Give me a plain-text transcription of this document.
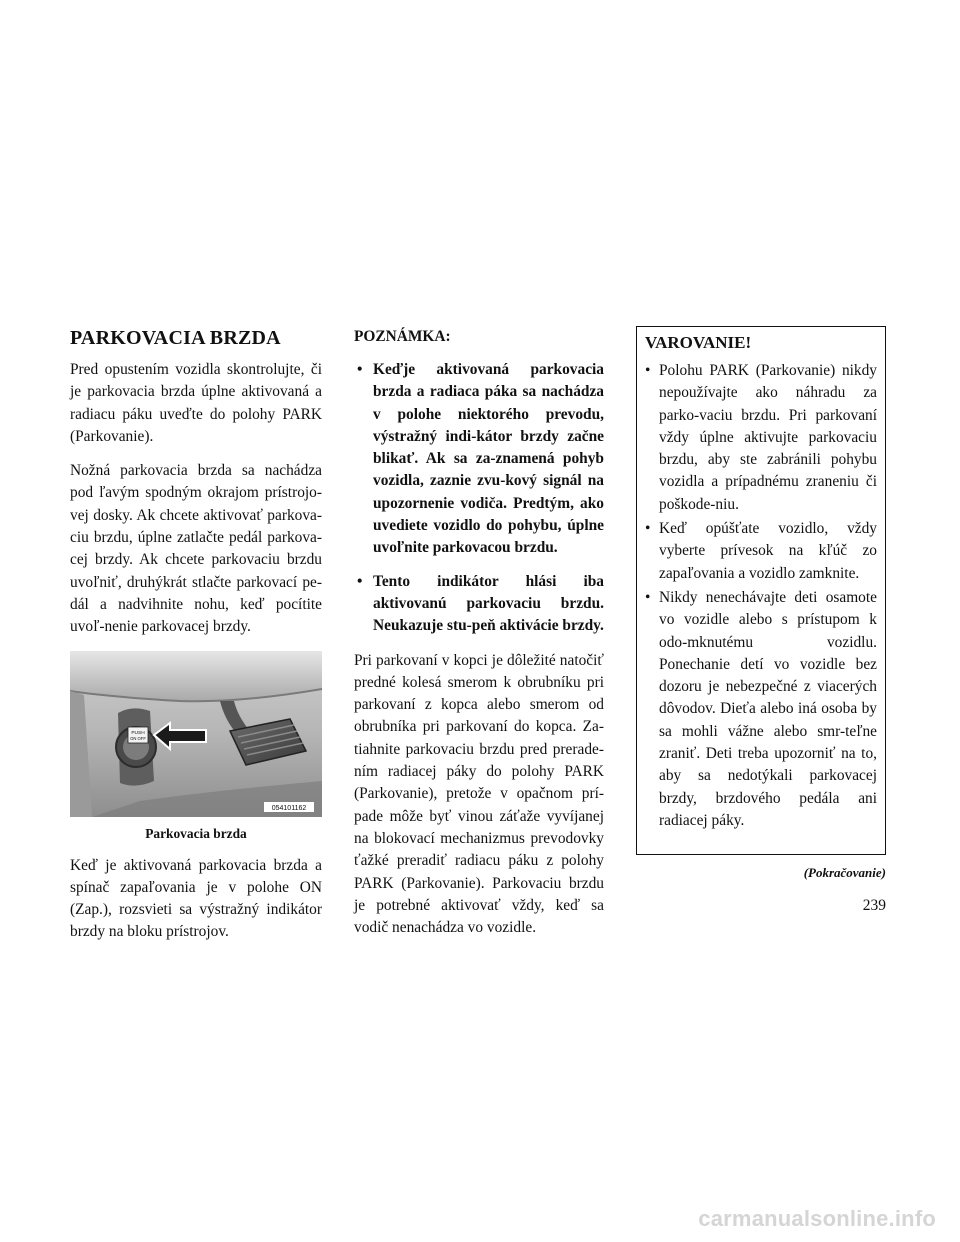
PARKOVACIA BRZDA

Pred opustením vozidla skontrolujte, či je parkovacia brzda úplne aktivovaná a radiacu páku uveďte do polohy PARK (Parkovanie).

Nožná parkovacia brzda sa nachádza pod ľavým spodným okrajom prístrojo-vej dosky. Ak chcete aktivovať parkova-ciu brzdu, úplne zatlačte pedál parkova-cej brzdy. Ak chcete parkovaciu brzdu uvoľniť, druhýkrát stlačte parkovací pe-dál a nadvihnite nohu, keď pocítite uvoľ-nenie parkovacej brzdy.

PUSH
ON OFF
054101162
Parkovacia brzda

Keď je aktivovaná parkovacia brzda a spínač zapaľovania je v polohe ON (Zap.), rozsvieti sa výstražný indikátor brzdy na bloku prístrojov.

POZNÁMKA:
• Keďje aktivovaná parkovacia brzda a radiaca páka sa nachádza v polohe niektorého prevodu, výstražný indi-kátor brzdy začne blikať. Ak sa za-znamená pohyb vozidla, zaznie zvu-kový signál na upozornenie vodiča. Predtým, ako uvediete vozidlo do pohybu, úplne uvoľnite parkovacou brzdu.
• Tento indikátor hlási iba aktivovanú parkovaciu brzdu. Neukazuje stu-peň aktivácie brzdy.

Pri parkovaní v kopci je dôležité natočiť predné kolesá smerom k obrubníku pri parkovaní z kopca alebo smerom od obrubníka pri parkovaní do kopca. Za-tiahnite parkovaciu brzdu pred prerade-ním radiacej páky do polohy PARK (Parkovanie), pretože v opačnom prí-pade môže byť vinou záťaže vyvíjanej na blokovací mechanizmus prevodovky ťažké preradiť radiacu páku z polohy PARK (Parkovanie). Parkovaciu brzdu je potrebné aktivovať vždy, keď sa vodič nenachádza vo vozidle.

VAROVANIE!
• Polohu PARK (Parkovanie) nikdy nepoužívajte ako náhradu za parko-vaciu brzdu. Pri parkovaní vždy úplne aktivujte parkovaciu brzdu, aby ste zabránili pohybu vozidla a prípadnému zraneniu či poškode-niu.
• Keď opúšťate vozidlo, vždy vyberte prívesok na kľúč zo zapaľovania a vozidlo zamknite.
• Nikdy nenechávajte deti osamote vo vozidle alebo s prístupom k odo-mknutému vozidlu. Ponechanie detí vo vozidle bez dozoru je nebezpečné z viacerých dôvodov. Dieťa alebo iná osoba by sa mohli vážne alebo smr-teľne zraniť. Deti treba upozorniť na to, aby sa nedotýkali parkovacej brzdy, brzdového pedála ani radiacej páky.
(Pokračovanie)
239
carmanualsonline.info
